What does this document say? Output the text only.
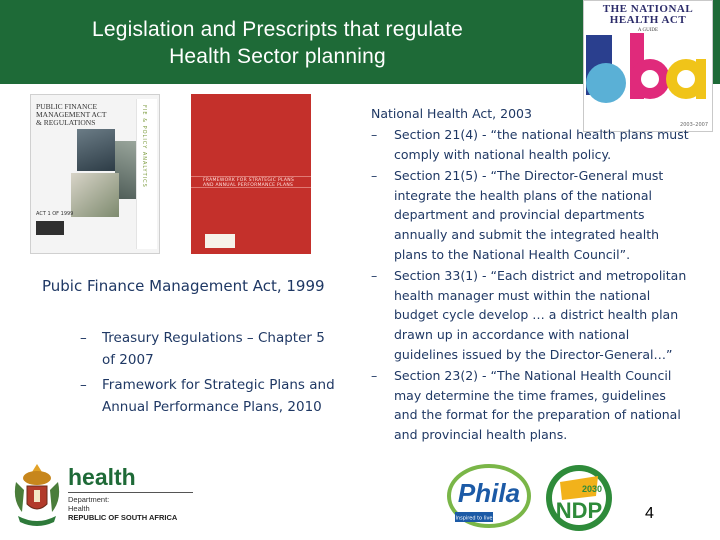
Legislation and Prescripts that regulate
Health Sector planning
THE NATIONAL
HEALTH ACT
A GUIDE
2003–2007
PUBLIC FINANCE
MANAGEMENT ACT
& REGULATIONS	FIE & POLICY ANALYTICS
ACT 1 OF 1999
FRAMEWORK FOR STRATEGIC PLANS
AND ANNUAL PERFORMANCE PLANS
Pubic Finance Management Act, 1999
– Treasury Regulations – Chapter 5 of 2007
– Framework for Strategic Plans and Annual Performance Plans, 2010
National Health Act, 2003
– Section 21(4) - “the national health plans must comply with national health policy.
– Section 21(5) - “The Director-General must integrate the health plans of the national department and provincial departments annually and submit the integrated health plans to the National Health Council”.
– Section 33(1) - “Each district and metropolitan health manager must within the national budget cycle develop … a district health plan drawn up in accordance with national guidelines issued by the Director-General…”
– Section 23(2) - “The National Health Council may determine the time frames, guidelines and the format for the preparation of national and provincial health plans.
health
Department:
Health
REPUBLIC OF SOUTH AFRICA
Phila
Inspired to live
2030
NDP	4
